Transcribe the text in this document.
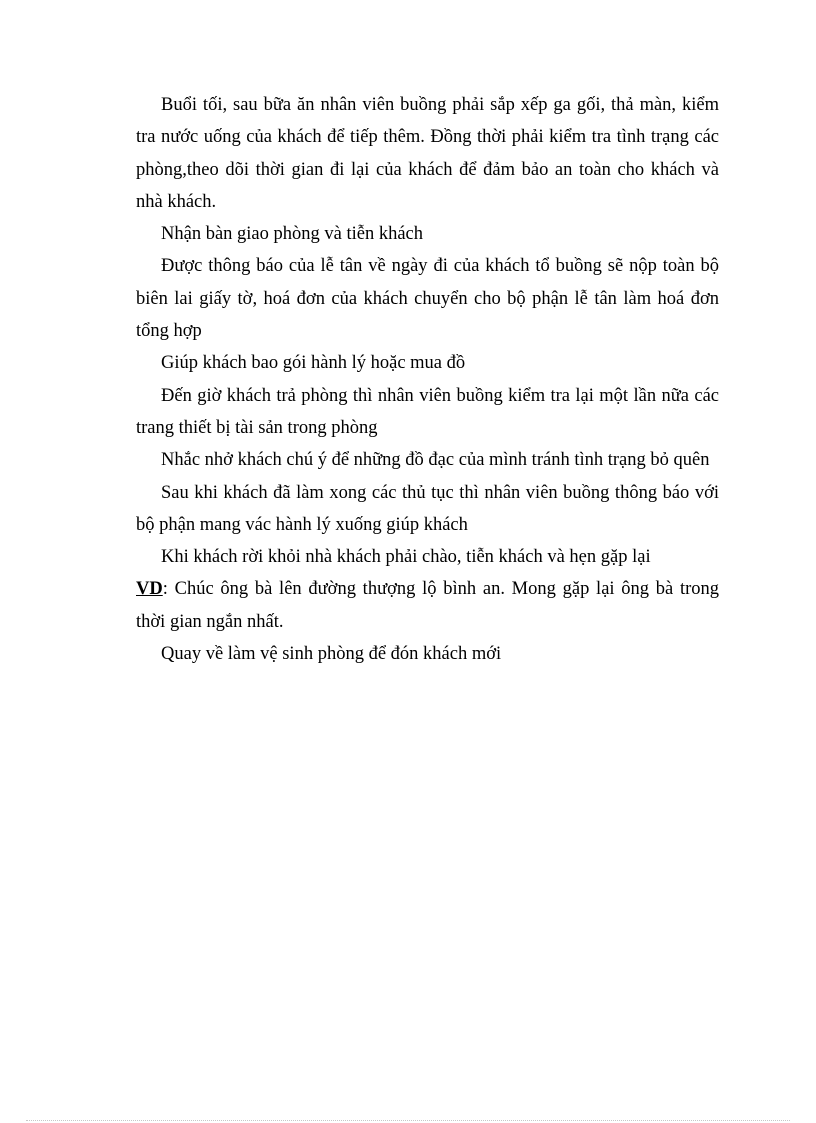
Buổi tối, sau bữa ăn nhân viên buồng phải sắp xếp ga gối, thả màn, kiểm tra nước uống của khách để tiếp thêm. Đồng thời phải kiểm tra tình trạng các phòng,theo dõi thời gian đi lại của khách để đảm bảo an toàn cho khách và nhà khách.

Nhận bàn giao phòng và tiễn khách

Được thông báo của lễ tân về ngày đi của khách tổ buồng sẽ nộp toàn bộ biên lai giấy tờ, hoá đơn của khách chuyển cho bộ phận lễ tân làm hoá đơn tổng hợp

Giúp khách bao gói hành lý hoặc mua đồ

Đến giờ khách trả phòng thì nhân viên buồng kiểm tra lại một lần nữa các trang thiết bị tài sản trong phòng

Nhắc nhở khách chú ý để những đồ đạc của mình tránh tình trạng bỏ quên

Sau khi khách đã làm xong các thủ tục thì nhân viên buồng thông báo với bộ phận mang vác hành lý xuống giúp khách

Khi khách rời khỏi nhà khách phải chào, tiễn khách và hẹn gặp lại

VD: Chúc ông bà lên đường thượng lộ bình an. Mong gặp lại ông bà trong thời gian ngắn nhất.

Quay về làm vệ sinh phòng để đón khách mới
